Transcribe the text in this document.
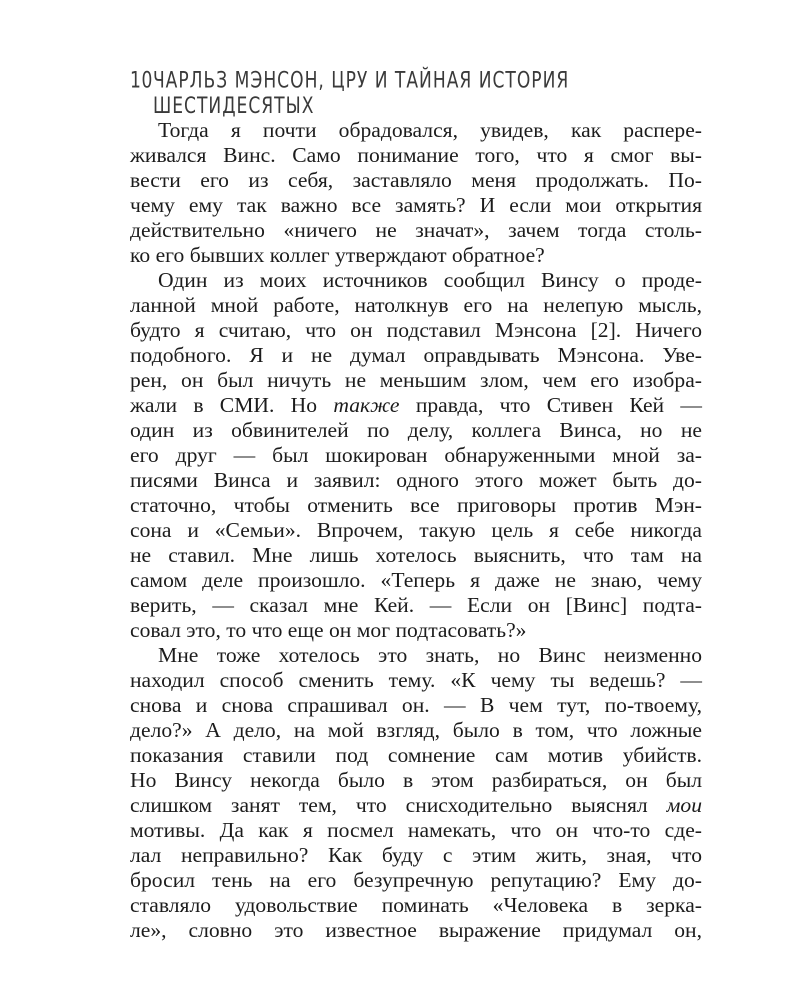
10 ЧАРЛЬЗ МЭНСОН, ЦРУ И ТАЙНАЯ ИСТОРИЯ ШЕСТИДЕСЯТЫХ
Тогда я почти обрадовался, увидев, как распере-
живался Винс. Само понимание того, что я смог вы-
вести его из себя, заставляло меня продолжать. По-
чему ему так важно все замять? И если мои открытия
действительно «ничего не значат», зачем тогда столь-
ко его бывших коллег утверждают обратное?
Один из моих источников сообщил Винсу о проде-
ланной мной работе, натолкнув его на нелепую мысль,
будто я считаю, что он подставил Мэнсона [2]. Ничего
подобного. Я и не думал оправдывать Мэнсона. Уве-
рен, он был ничуть не меньшим злом, чем его изобра-
жали в СМИ. Но также правда, что Стивен Кей —
один из обвинителей по делу, коллега Винса, но не
его друг — был шокирован обнаруженными мной за-
писями Винса и заявил: одного этого может быть до-
статочно, чтобы отменить все приговоры против Мэн-
сона и «Семьи». Впрочем, такую цель я себе никогда
не ставил. Мне лишь хотелось выяснить, что там на
самом деле произошло. «Теперь я даже не знаю, чему
верить, — сказал мне Кей. — Если он [Винс] подта-
совал это, то что еще он мог подтасовать?»
Мне тоже хотелось это знать, но Винс неизменно
находил способ сменить тему. «К чему ты ведешь? —
снова и снова спрашивал он. — В чем тут, по-твоему,
дело?» А дело, на мой взгляд, было в том, что ложные
показания ставили под сомнение сам мотив убийств.
Но Винсу некогда было в этом разбираться, он был
слишком занят тем, что снисходительно выяснял мои
мотивы. Да как я посмел намекать, что он что-то сде-
лал неправильно? Как буду с этим жить, зная, что
бросил тень на его безупречную репутацию? Ему до-
ставляло удовольствие поминать «Человека в зерка-
ле», словно это известное выражение придумал он,
